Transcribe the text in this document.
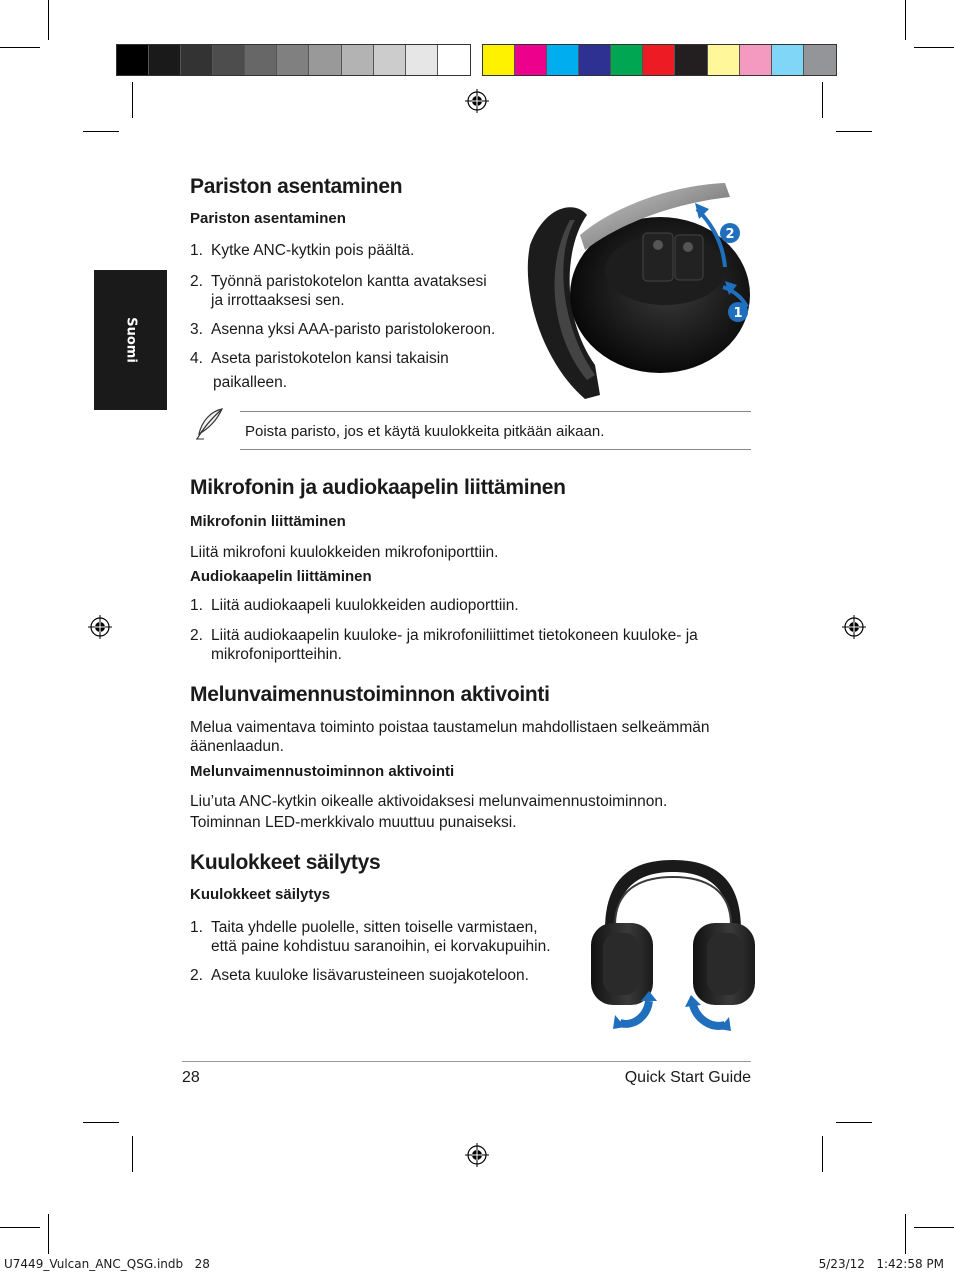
Suomi
Pariston asentaminen

Pariston asentaminen

1. Kytke ANC-kytkin pois päältä.

2. Työnnä paristokotelon kantta avataksesi

ja irrottaaksesi sen.

3. Asenna yksi AAA-paristo paristolokeroon.

4. Aseta paristokotelon kansi takaisin

paikalleen.

2
1

Poista paristo, jos et käytä kuulokkeita pitkään aikaan.

Mikrofonin ja audiokaapelin liittäminen

Mikrofonin liittäminen

Liitä mikrofoni kuulokkeiden mikrofoniporttiin.

Audiokaapelin liittäminen

1. Liitä audiokaapeli kuulokkeiden audioporttiin.

2. Liitä audiokaapelin kuuloke- ja mikrofoniliittimet tietokoneen kuuloke- ja

mikrofoniportteihin.

Melunvaimennustoiminnon aktivointi

Melua vaimentava toiminto poistaa taustamelun mahdollistaen selkeämmän

äänenlaadun.

Melunvaimennustoiminnon aktivointi

Liu’uta ANC-kytkin oikealle aktivoidaksesi melunvaimennustoiminnon.

Toiminnan LED-merkkivalo muuttuu punaiseksi.

Kuulokkeet säilytys

Kuulokkeet säilytys

1. Taita yhdelle puolelle, sitten toiselle varmistaen,

että paine kohdistuu saranoihin, ei korvakupuihin.

2. Aseta kuuloke lisävarusteineen suojakoteloon.

28	Quick Start Guide
U7449_Vulcan_ANC_QSG.indb   28	5/23/12   1:42:58 PM
